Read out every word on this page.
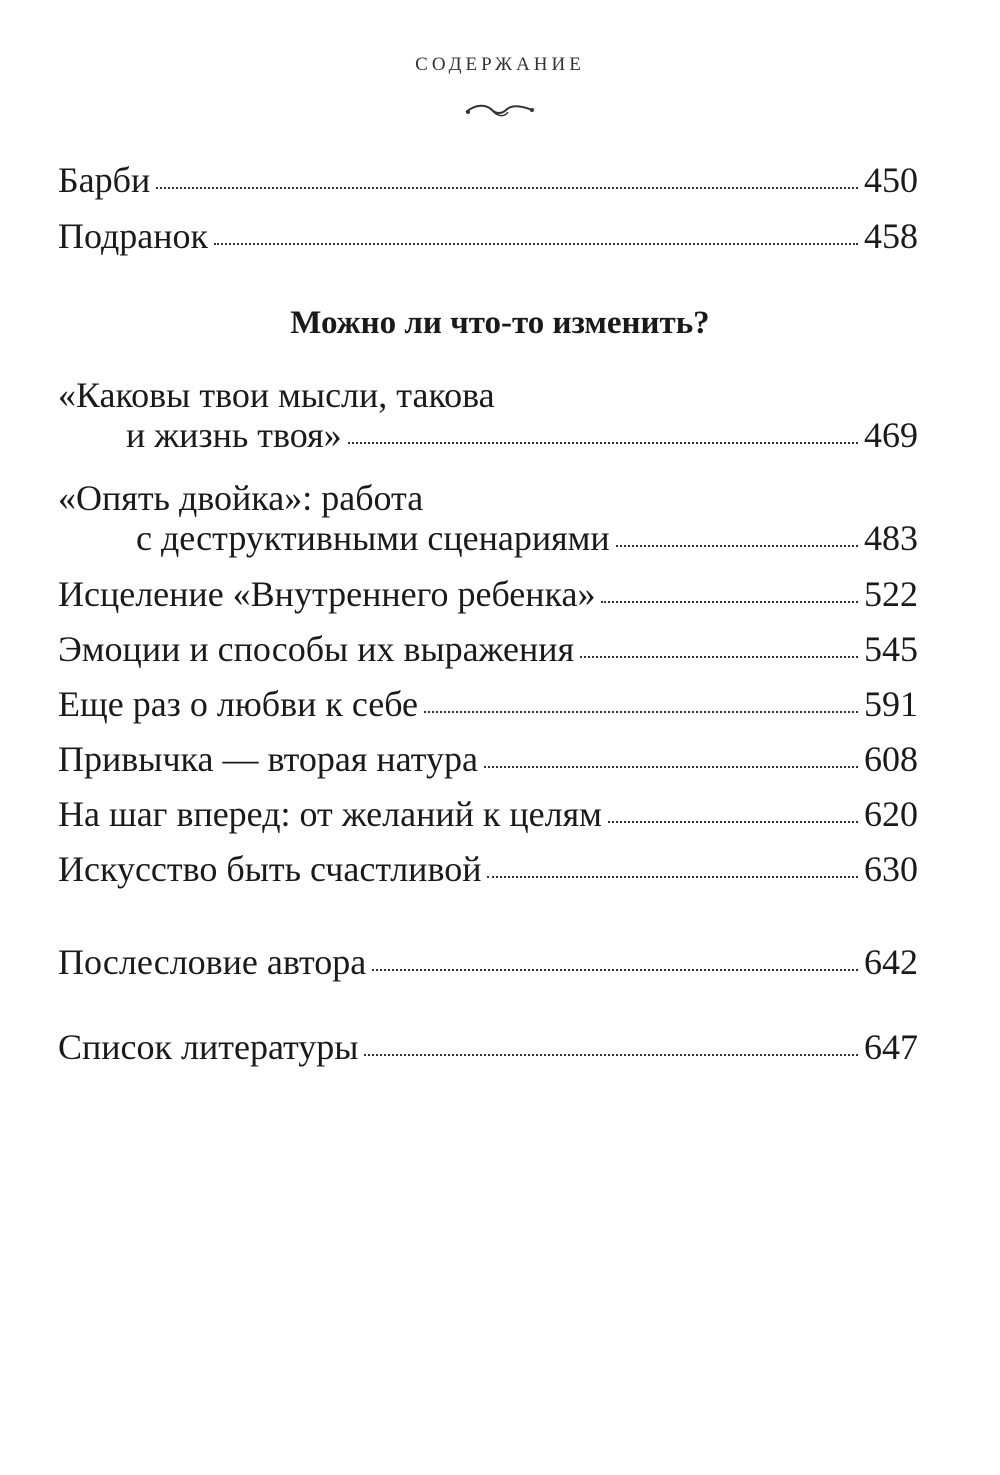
СОДЕРЖАНИЕ
Барби	450
Подранок	458
Можно ли что-то изменить?
«Каковы твои мысли, такова
и жизнь твоя»	469
«Опять двойка»: работа
с деструктивными сценариями	483
Исцеление «Внутреннего ребенка»	522
Эмоции и способы их выражения	545
Еще раз о любви к себе	591
Привычка — вторая натура	608
На шаг вперед: от желаний к целям	620
Искусство быть счастливой	630
Послесловие автора	642
Список литературы	647
